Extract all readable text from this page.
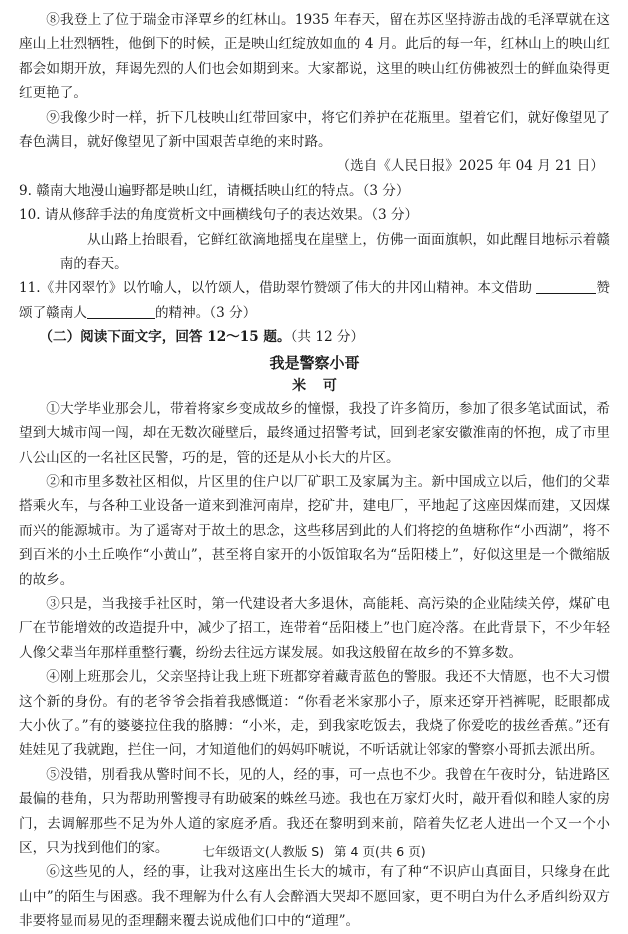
⑧我登上了位于瑞金市泽覃乡的红林山。1935 年春天，留在苏区坚持游击战的毛泽覃就在这座山上壮烈牺牲，他倒下的时候，正是映山红绽放如血的 4 月。此后的每一年，红林山上的映山红都会如期开放，拜谒先烈的人们也会如期到来。大家都说，这里的映山红仿佛被烈士的鲜血染得更红更艳了。

⑨我像少时一样，折下几枝映山红带回家中，将它们养护在花瓶里。望着它们，就好像望见了春色满目，就好像望见了新中国艰苦卓绝的来时路。

（选自《人民日报》2025 年 04 月 21 日）

9. 赣南大地漫山遍野都是映山红，请概括映山红的特点。（3 分）

10. 请从修辞手法的角度赏析文中画横线句子的表达效果。（3 分）

从山路上抬眼看，它鲜红欲滴地摇曳在崖壁上，仿佛一面面旗帜，如此醒目地标示着赣南的春天。

11.《井冈翠竹》以竹喻人，以竹颂人，借助翠竹赞颂了伟大的井冈山精神。本文借助	赞颂了赣南人	的精神。（3 分）

（二）阅读下面文字，回答 12～15 题。（共 12 分）

我是警察小哥
米可

①大学毕业那会儿，带着将家乡变成故乡的憧憬，我投了许多简历，参加了很多笔试面试，希望到大城市闯一闯，却在无数次碰壁后，最终通过招警考试，回到老家安徽淮南的怀抱，成了市里八公山区的一名社区民警，巧的是，管的还是从小长大的片区。

②和市里多数社区相似，片区里的住户以厂矿职工及家属为主。新中国成立以后，他们的父辈搭乘火车，与各种工业设备一道来到淮河南岸，挖矿井，建电厂，平地起了这座因煤而建，又因煤而兴的能源城市。为了遥寄对于故土的思念，这些移居到此的人们将挖的鱼塘称作“小西湖”，将不到百米的小土丘唤作“小黄山”，甚至将自家开的小饭馆取名为“岳阳楼上”，好似这里是一个微缩版的故乡。

③只是，当我接手社区时，第一代建设者大多退休，高能耗、高污染的企业陆续关停，煤矿电厂在节能增效的改造提升中，减少了招工，连带着“岳阳楼上”也门庭冷落。在此背景下，不少年轻人像父辈当年那样重整行囊，纷纷去往远方谋发展。如我这般留在故乡的不算多数。

④刚上班那会儿，父亲坚持让我上班下班都穿着藏青蓝色的警服。我还不大情愿，也不大习惯这个新的身份。有的老爷爷会指着我感慨道：“你看老米家那小子，原来还穿开裆裤呢，眨眼都成大小伙了。”有的婆婆拉住我的胳膊：“小米，走，到我家吃饭去，我烧了你爱吃的拔丝香蕉。”还有娃娃见了我就跑，拦住一问，才知道他们的妈妈吓唬说，不听话就让邻家的警察小哥抓去派出所。

⑤没错，別看我从警时间不长，见的人，经的事，可一点也不少。我曾在午夜时分，钻进路区最偏的巷角，只为帮助刑警搜寻有助破案的蛛丝马迹。我也在万家灯火时，敲开看似和睦人家的房门，去调解那些不足为外人道的家庭矛盾。我还在黎明到来前，陪着失忆老人进出一个又一个小区，只为找到他们的家。

⑥这些见的人，经的事，让我对这座出生长大的城市，有了种“不识庐山真面目，只缘身在此山中”的陌生与困惑。我不理解为什么有人会醉酒大哭却不愿回家，更不明白为什么矛盾纠纷双方非要将显而易见的歪理翻来覆去说成他们口中的“道理”。

七年级语文(人教版 S) 第 4 页(共 6 页)
